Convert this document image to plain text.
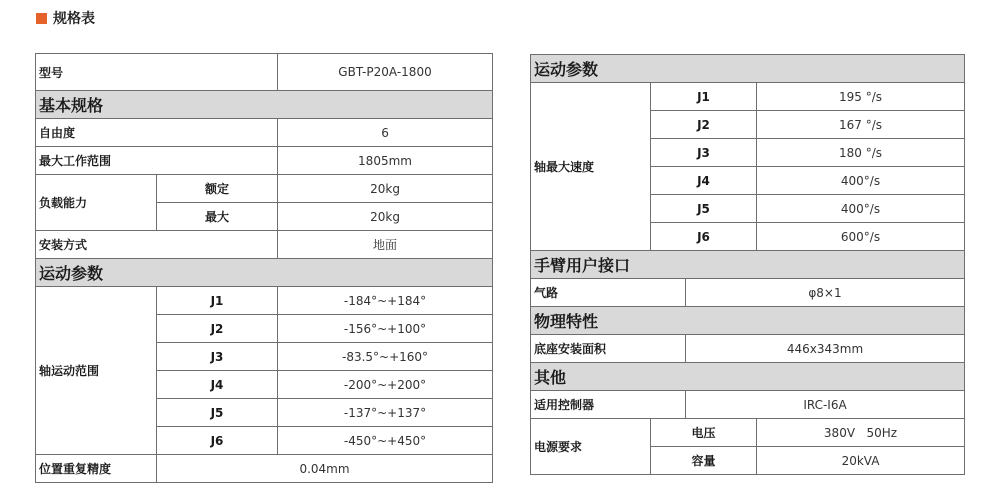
规格表
型号		GBT-P20A-1800
基本规格		
自由度		6
最大工作范围		1805mm
负载能力	额定	20kg
	最大	20kg
安装方式		地面
运动参数		
轴运动范围	J1	-184°~+184°
	J2	-156°~+100°
	J3	-83.5°~+160°
	J4	-200°~+200°
	J5	-137°~+137°
	J6	-450°~+450°
位置重复精度	0.04mm	
运动参数			
轴最大速度	J1		195 °/s
	J2		167 °/s
	J3		180 °/s
	J4		400°/s
	J5		400°/s
	J6		600°/s
手臂用户接口			
气路		φ8×1	
物理特性			
底座安装面积		446x343mm	
其他			
适用控制器		IRC-I6A	
电源要求	电压		380V   50Hz
	容量		20kVA
